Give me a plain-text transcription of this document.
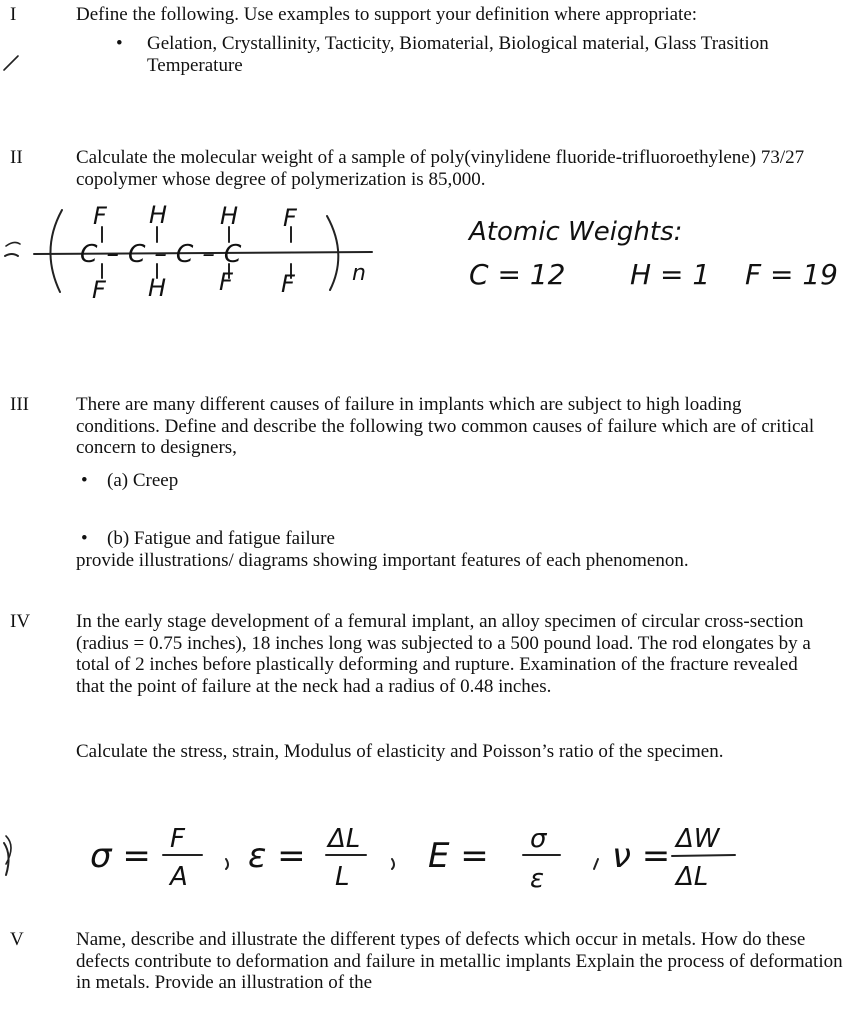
I	Define the following. Use examples to support your definition where appropriate:

• Gelation, Crystallinity, Tacticity, Biomaterial, Biological material, Glass Trasition Temperature

II	Calculate the molecular weight of a sample of poly(vinylidene fluoride-trifluoroethylene) 73/27 copolymer whose degree of polymerization is 85,000.

F H H F
C–C–C–C
F H F F	n
Atomic Weights:
C = 12 H = 1 F = 19
III There are many different causes of failure in implants which are subject to high loading conditions. Define and describe the following two common causes of failure which are of critical concern to designers,

• (a) Creep

• (b) Fatigue and fatigue failure

provide illustrations/ diagrams showing important features of each phenomenon.

IV In the early stage development of a femural implant, an alloy specimen of circular cross-section (radius = 0.75 inches), 18 inches long was subjected to a 500 pound load. The rod elongates by a total of 2 inches before plastically deforming and rupture. Examination of the fracture revealed that the point of failure at the neck had a radius of 0.48 inches.

Calculate the stress, strain, Modulus of elasticity and Poisson’s ratio of the specimen.

σ = F
A
ε = ΔL
L
E = σ
ε
ν = ΔW
ΔL
V	Name, describe and illustrate the different types of defects which occur in metals. How do these defects contribute to deformation and failure in metallic implants Explain the process of deformation in metals. Provide an illustration of the
